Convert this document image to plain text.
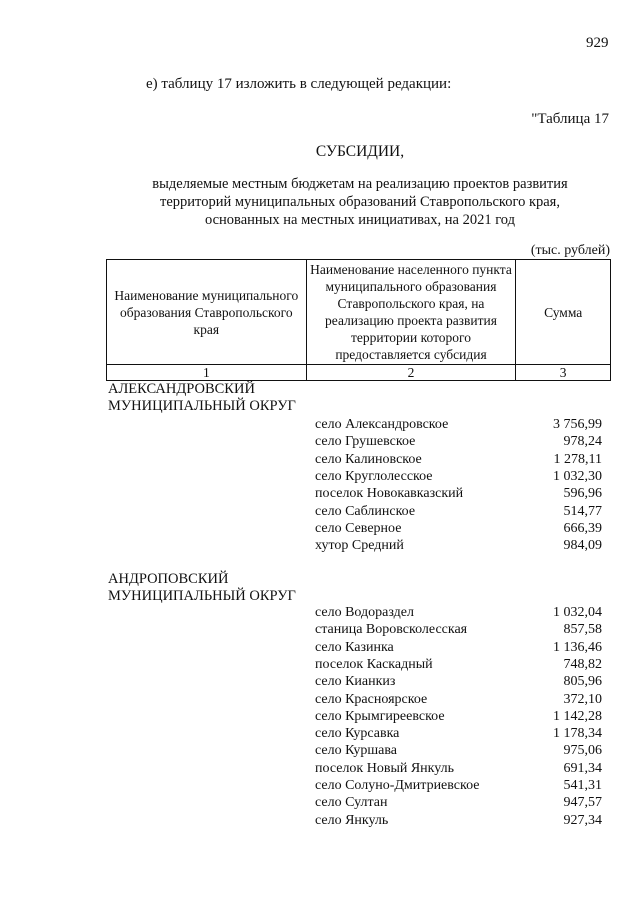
929
е) таблицу 17 изложить в следующей редакции:
"Таблица 17
СУБСИДИИ,
выделяемые местным бюджетам на реализацию проектов развития
территорий муниципальных образований Ставропольского края,
основанных на местных инициативах, на 2021 год
(тыс. рублей)
Наименование муниципального образования Ставропольского края	Наименование населенного пункта муниципального образования Ставропольского края, на реализацию проекта развития территории которого предоставляется субсидия	Сумма
1	2	3
АЛЕКСАНДРОВСКИЙ
МУНИЦИПАЛЬНЫЙ ОКРУГ
село Александровское	3 756,99
село Грушевское	978,24
село Калиновское	1 278,11
село Круглолесское	1 032,30
поселок Новокавказский	596,96
село Саблинское	514,77
село Северное	666,39
хутор Средний	984,09
АНДРОПОВСКИЙ
МУНИЦИПАЛЬНЫЙ ОКРУГ
село Водораздел	1 032,04
станица Воровсколесская	857,58
село Казинка	1 136,46
поселок Каскадный	748,82
село Кианкиз	805,96
село Красноярское	372,10
село Крымгиреевское	1 142,28
село Курсавка	1 178,34
село Куршава	975,06
поселок Новый Янкуль	691,34
село Солуно-Дмитриевское	541,31
село Султан	947,57
село Янкуль	927,34
